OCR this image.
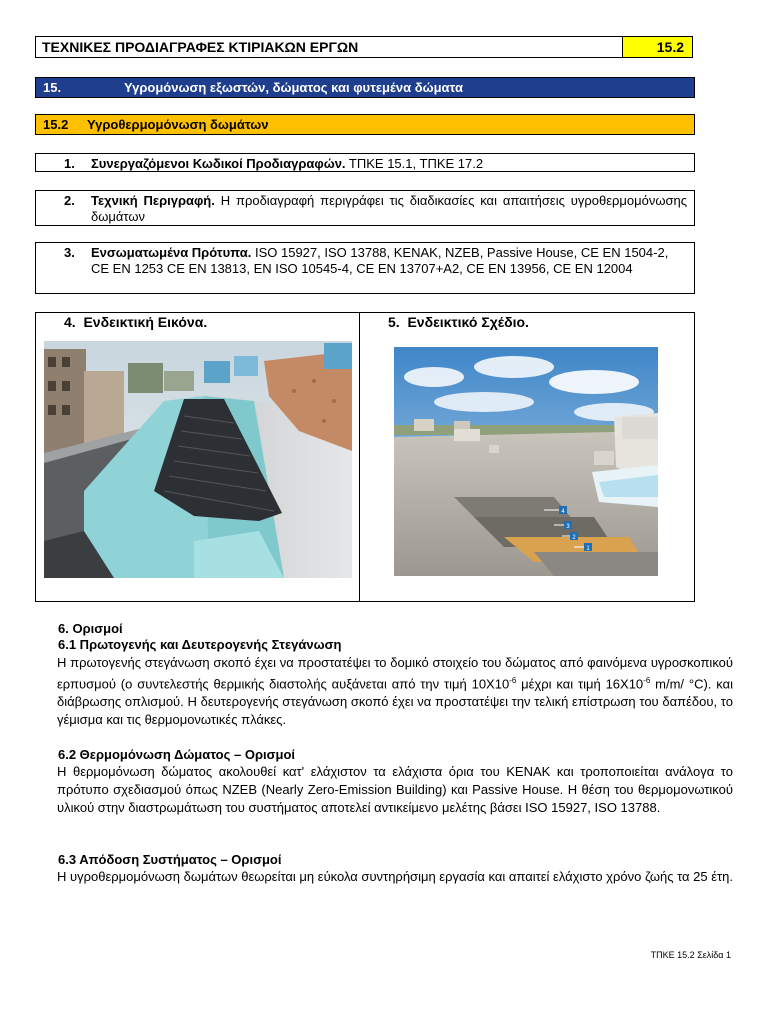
ΤΕΧΝΙΚΕΣ ΠΡΟΔΙΑΓΡΑΦΕΣ ΚΤΙΡΙΑΚΩΝ ΕΡΓΩΝ	15.2
15.	Υγρομόνωση εξωστών, δώματος και φυτεμένα δώματα
15.2 Υγροθερμομόνωση δωμάτων
1. Συνεργαζόμενοι Κωδικοί Προδιαγραφών. ΤΠΚΕ 15.1, ΤΠΚΕ 17.2
2. Τεχνική Περιγραφή. Η προδιαγραφή περιγράφει τις διαδικασίες και απαιτήσεις υγροθερμομόνωσης δωμάτων
3. Ενσωματωμένα Πρότυπα. ISO 15927, ISO 13788, KENAK, NZEB, Passive House, CE EN 1504-2, CE EN 1253 CE EN 13813, EN ISO 10545-4, CE EN 13707+A2, CE EN 13956, CE EN 12004
4. Ενδεικτική Εικόνα.	5. Ενδεικτικό Σχέδιο.
4
3
2
1
6. Ορισμοί
6.1 Πρωτογενής και Δευτερογενής Στεγάνωση
Η πρωτογενής στεγάνωση σκοπό έχει να προστατέψει το δομικό στοιχείο του δώματος από φαινόμενα υγροσκοπικού ερπυσμού (ο συντελεστής θερμικής διαστολής αυξάνεται από την τιμή $10X10^{-6}$ μέχρι και τιμή $16X10^{-6}$ m/m/ °C). και διάβρωσης οπλισμού. Η δευτερογενής στεγάνωση σκοπό έχει να προστατέψει την τελική επίστρωση του δαπέδου, το γέμισμα και τις θερμομονωτικές πλάκες.
6.2 Θερμομόνωση Δώματος – Ορισμοί
Η θερμομόνωση δώματος ακολουθεί κατ' ελάχιστον τα ελάχιστα όρια του ΚΕΝΑΚ και τροποποιείται ανάλογα το πρότυπο σχεδιασμού όπως NZEB (Nearly Zero-Emission Building) και Passive House. Η θέση του θερμομονωτικού υλικού στην διαστρωμάτωση του συστήματος αποτελεί αντικείμενο μελέτης βάσει ISO 15927, ISO 13788.
6.3 Απόδοση Συστήματος – Ορισμοί
Η υγροθερμομόνωση δωμάτων θεωρείται μη εύκολα συντηρήσιμη εργασία και απαιτεί ελάχιστο χρόνο ζωής τα 25 έτη.
ΤΠΚΕ 15.2 Σελίδα 1
